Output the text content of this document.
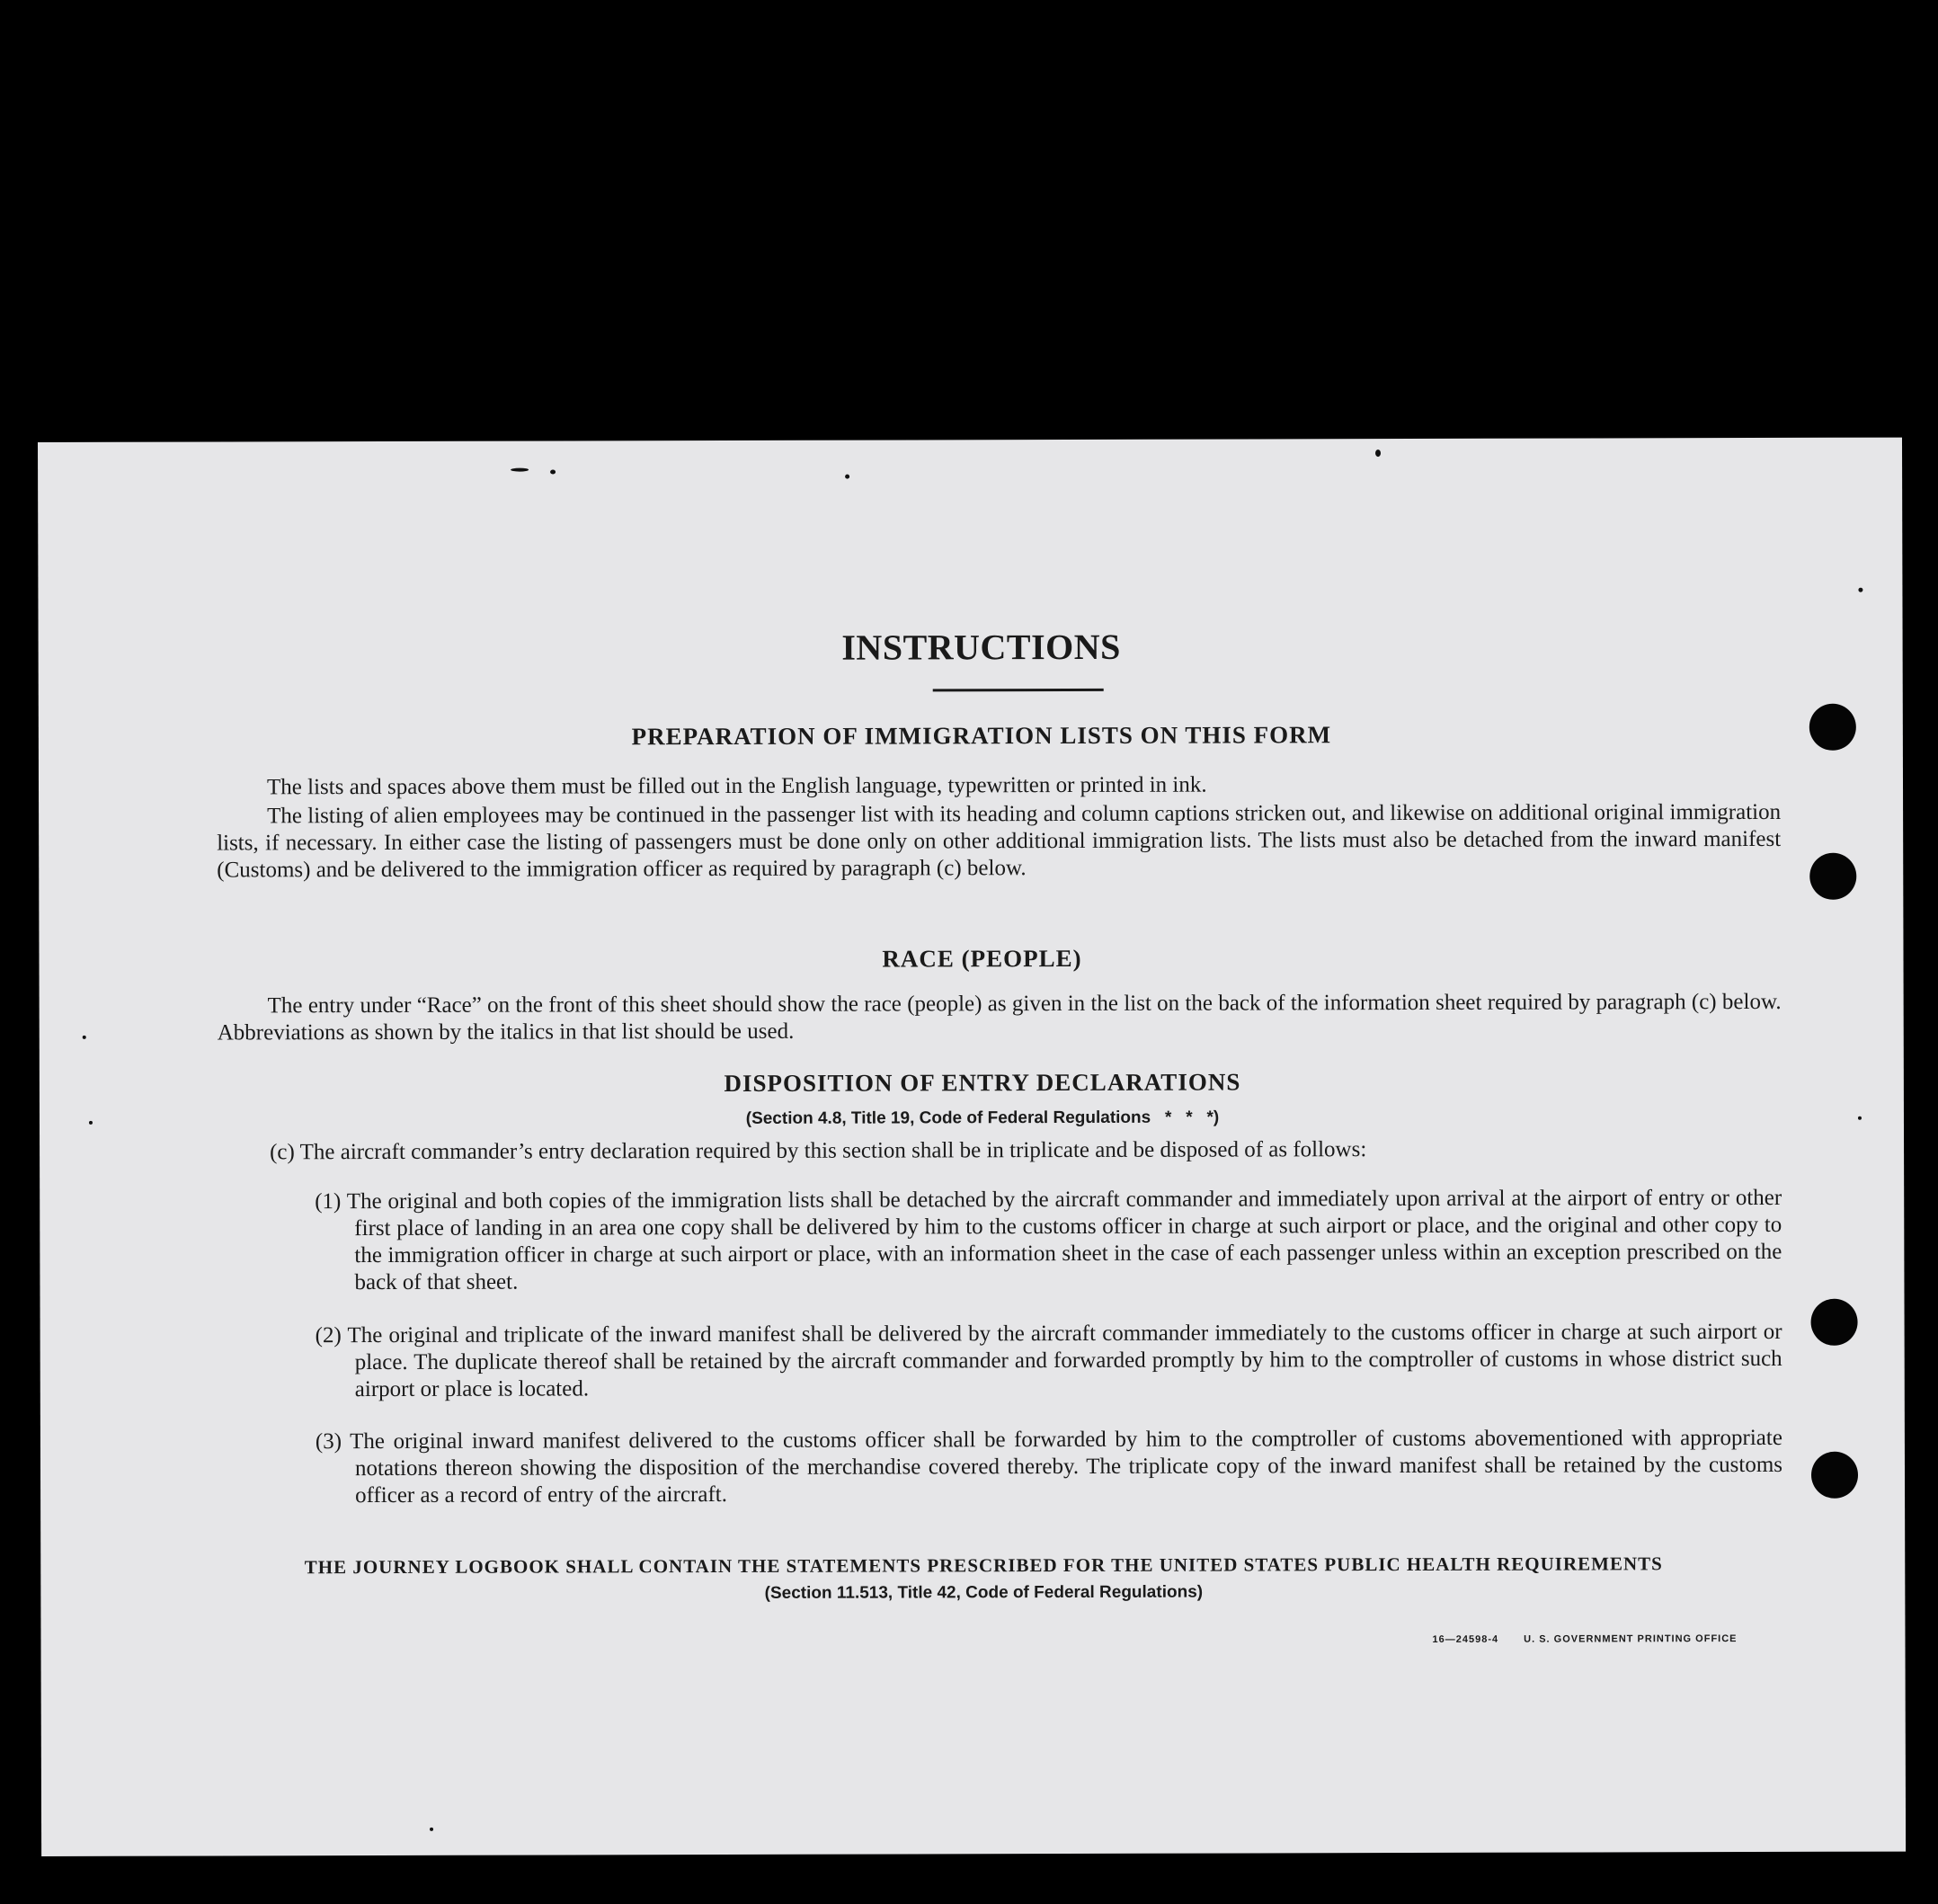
INSTRUCTIONS
PREPARATION OF IMMIGRATION LISTS ON THIS FORM
The lists and spaces above them must be filled out in the English language, typewritten or printed in ink.
The listing of alien employees may be continued in the passenger list with its heading and column captions stricken out, and likewise on additional original immigration lists, if necessary. In either case the listing of passengers must be done only on other additional immigration lists. The lists must also be detached from the inward manifest (Customs) and be delivered to the immigration officer as required by paragraph (c) below.
RACE (PEOPLE)
The entry under “Race” on the front of this sheet should show the race (people) as given in the list on the back of the information sheet required by paragraph (c) below. Abbreviations as shown by the italics in that list should be used.
DISPOSITION OF ENTRY DECLARATIONS
(Section 4.8, Title 19, Code of Federal Regulations   *   *   *)
(c) The aircraft commander’s entry declaration required by this section shall be in triplicate and be disposed of as follows:
(1) The original and both copies of the immigration lists shall be detached by the aircraft commander and immediately upon arrival at the airport of entry or other first place of landing in an area one copy shall be delivered by him to the customs officer in charge at such airport or place, and the original and other copy to the immigration officer in charge at such airport or place, with an information sheet in the case of each passenger unless within an exception prescribed on the back of that sheet.
(2) The original and triplicate of the inward manifest shall be delivered by the aircraft commander immediately to the customs officer in charge at such airport or place. The duplicate thereof shall be retained by the aircraft commander and forwarded promptly by him to the comptroller of customs in whose district such airport or place is located.
(3) The original inward manifest delivered to the customs officer shall be forwarded by him to the comptroller of customs abovementioned with appropriate notations thereon showing the disposition of the merchandise covered thereby. The triplicate copy of the inward manifest shall be retained by the customs officer as a record of entry of the aircraft.
THE JOURNEY LOGBOOK SHALL CONTAIN THE STATEMENTS PRESCRIBED FOR THE UNITED STATES PUBLIC HEALTH REQUIREMENTS
(Section 11.513, Title 42, Code of Federal Regulations)
16—24598-4	U. S. GOVERNMENT PRINTING OFFICE
